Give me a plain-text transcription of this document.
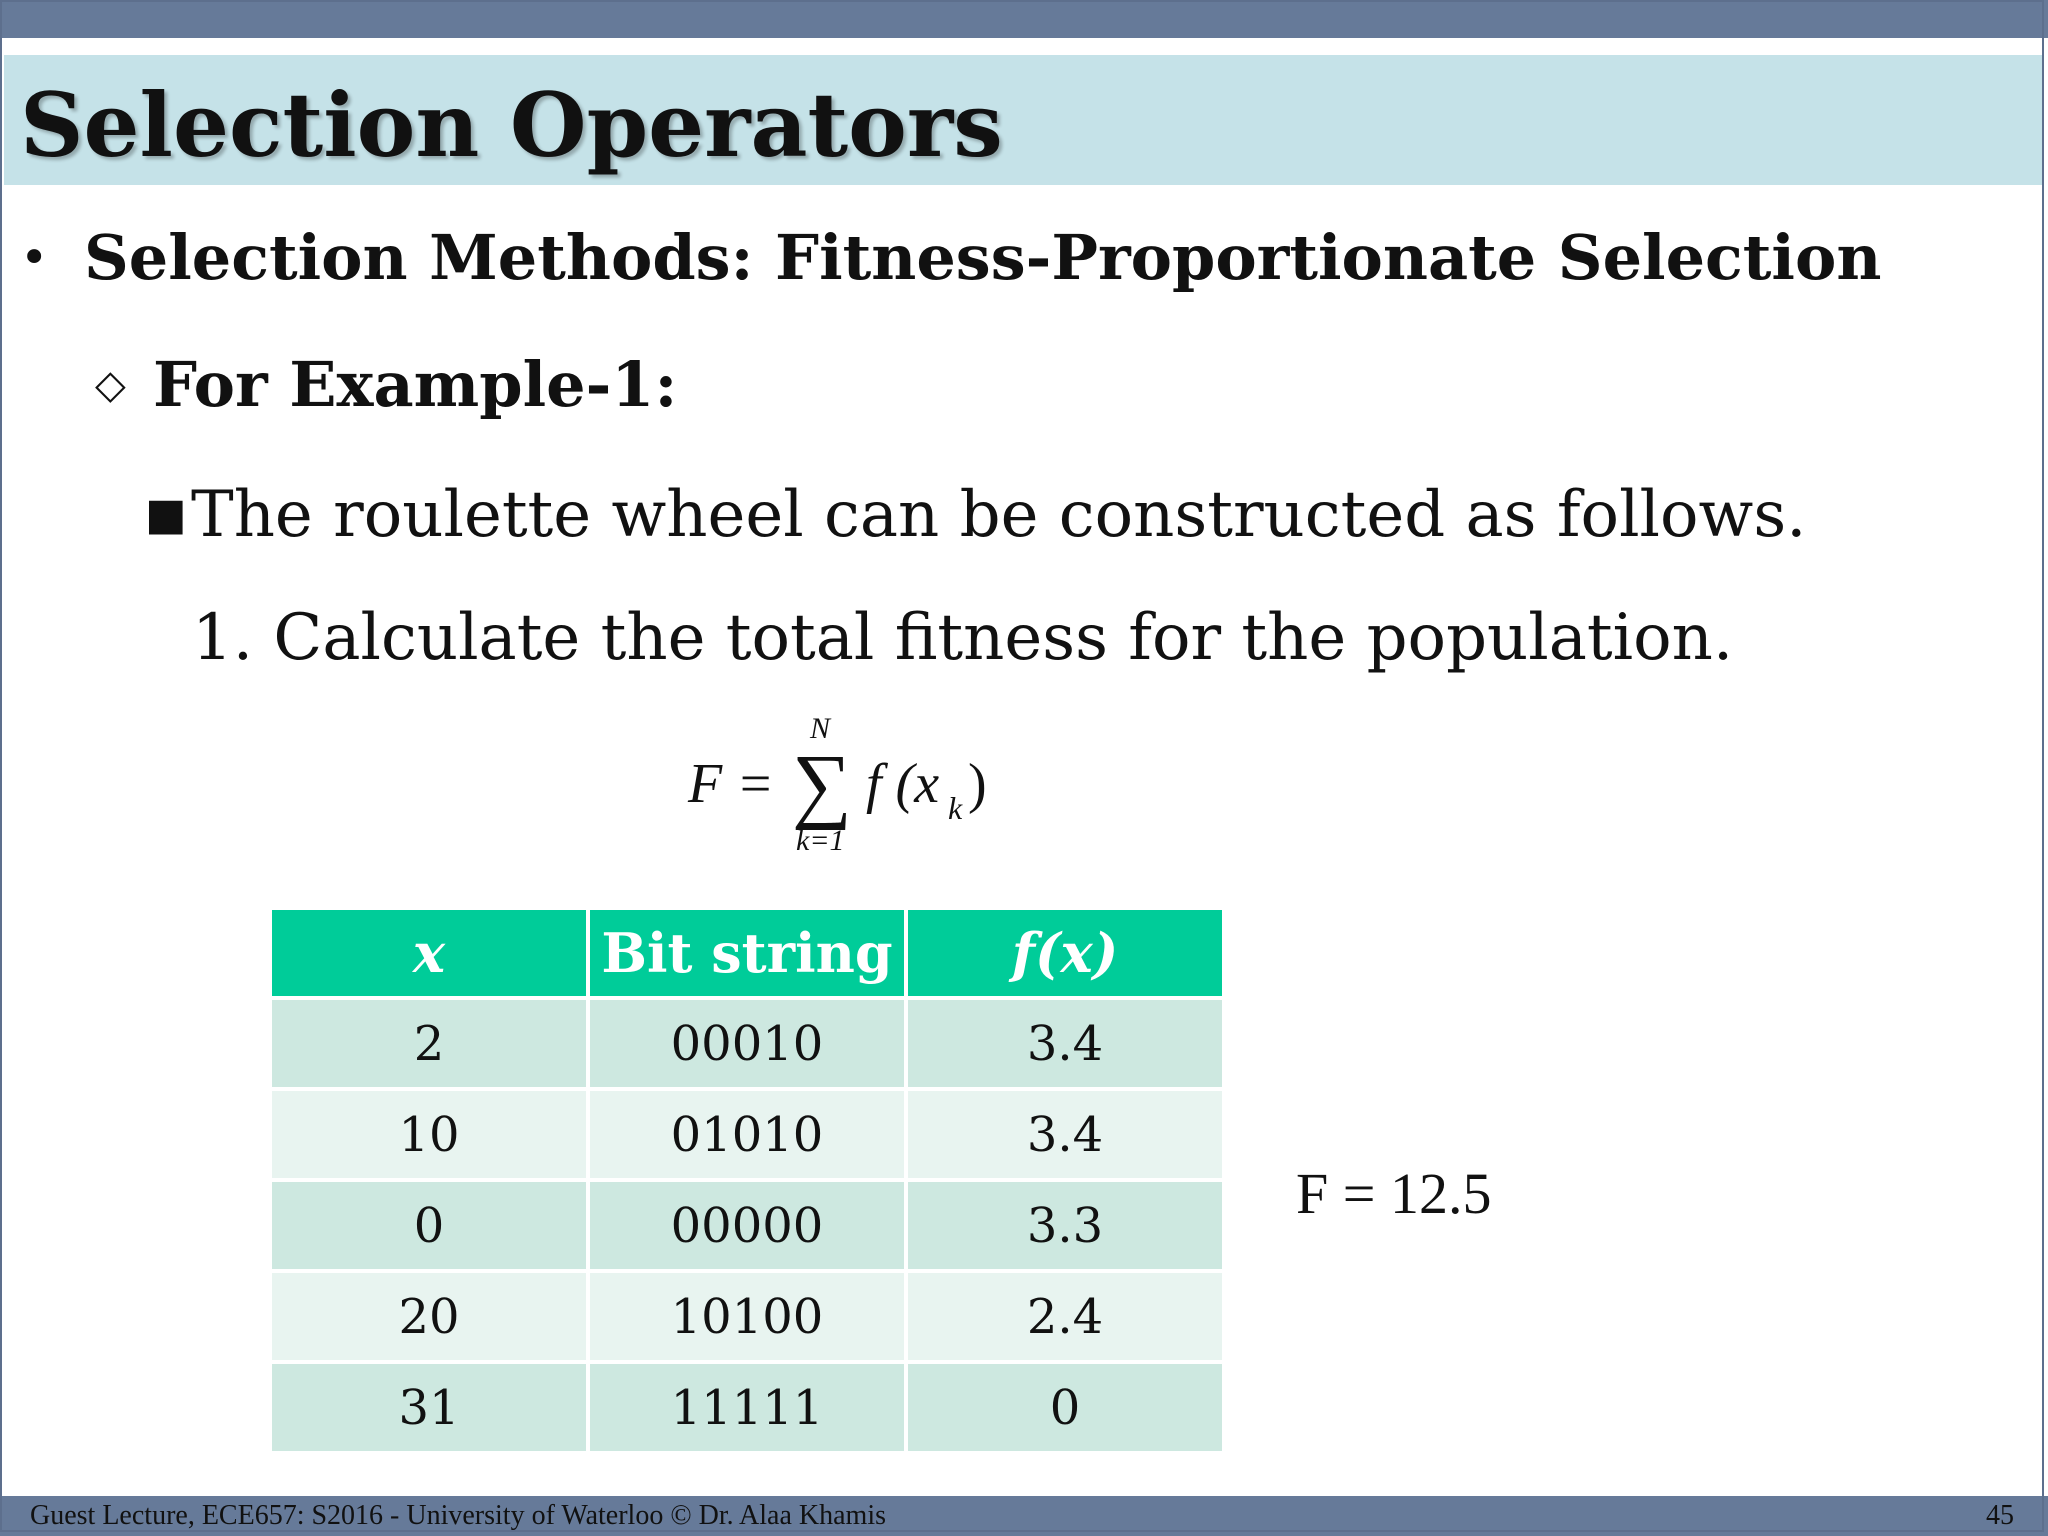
Selection Operators
• Selection Methods: Fitness-Proportionate Selection
◇ For Example-1:
■The roulette wheel can be constructed as follows.
1. Calculate the total fitness for the population.
F = ∑
N
k=1
f (x k )
x	Bit string	f(x)
2	00010	3.4
10	01010	3.4
0	00000	3.3
20	10100	2.4
31	11111	0
F = 12.5
Guest Lecture, ECE657: S2016 - University of Waterloo © Dr. Alaa Khamis	45
